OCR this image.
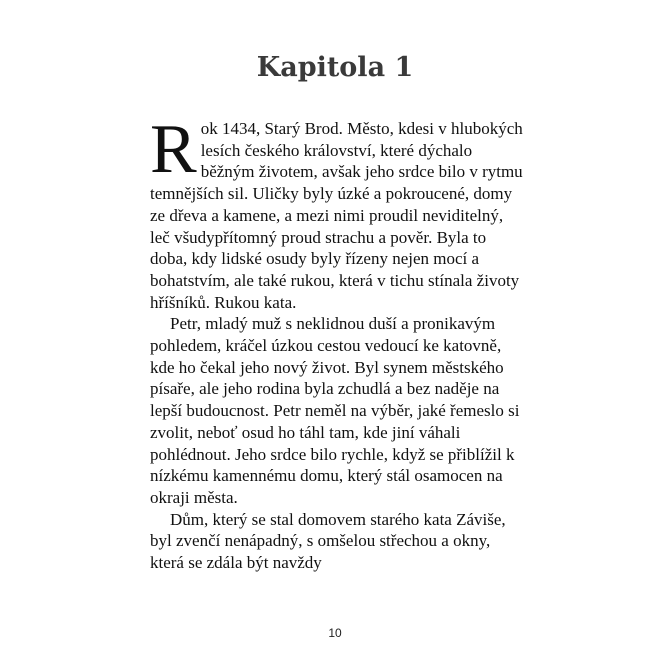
Kapitola 1

Rok 1434, Starý Brod. Město, kdesi v hlubokých lesích českého království, které dýchalo běžným životem, avšak jeho srdce bilo v rytmu temnějších sil. Uličky byly úzké a pokroucené, domy ze dřeva a kamene, a mezi nimi proudil neviditelný, leč všudypřítomný proud strachu a pověr. Byla to doba, kdy lidské osudy byly řízeny nejen mocí a bohatstvím, ale také rukou, která v tichu stínala životy hříšníků. Rukou kata.

Petr, mladý muž s neklidnou duší a pronikavým pohledem, kráčel úzkou cestou vedoucí ke katovně, kde ho čekal jeho nový život. Byl synem městského písaře, ale jeho rodina byla zchudlá a bez naděje na lepší budoucnost. Petr neměl na výběr, jaké řemeslo si zvolit, neboť osud ho táhl tam, kde jiní váhali pohlédnout. Jeho srdce bilo rychle, když se přiblížil k nízkému kamennému domu, který stál osamocen na okraji města.

Dům, který se stal domovem starého kata Záviše, byl zvenčí nenápadný, s omšelou střechou a okny, která se zdála být navždy

10
